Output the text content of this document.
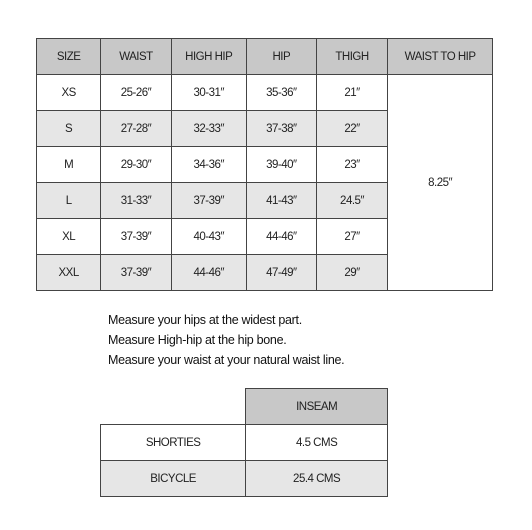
SIZE	WAIST	HIGH HIP	HIP	THIGH	WAIST TO HIP
XS	25-26″	30-31″	35-36″	21″	8.25″
S	27-28″	32-33″	37-38″	22″	
M	29-30″	34-36″	39-40″	23″	
L	31-33″	37-39″	41-43″	24.5″	
XL	37-39″	40-43″	44-46″	27″	
XXL	37-39″	44-46″	47-49″	29″	
Measure your hips at the widest part.
Measure High-hip at the hip bone.
Measure your waist at your natural waist line.
	INSEAM
SHORTIES	4.5 CMS
BICYCLE	25.4 CMS
